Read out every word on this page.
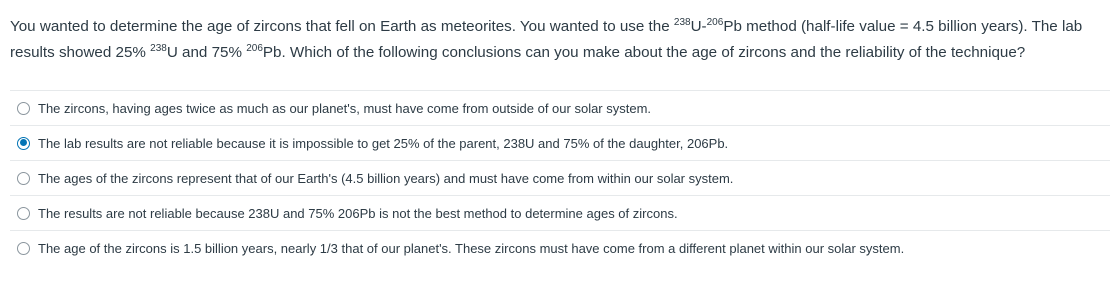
You wanted to determine the age of zircons that fell on Earth as meteorites. You wanted to use the $^{238}$U-$^{206}$Pb method (half-life value = 4.5 billion years). The lab results showed 25% $^{238}$U and 75% $^{206}$Pb. Which of the following conclusions can you make about the age of zircons and the reliability of the technique?
The zircons, having ages twice as much as our planet's, must have come from outside of our solar system.
The lab results are not reliable because it is impossible to get 25% of the parent, 238U and 75% of the daughter, 206Pb.
The ages of the zircons represent that of our Earth's (4.5 billion years) and must have come from within our solar system.
The results are not reliable because 238U and 75% 206Pb is not the best method to determine ages of zircons.
The age of the zircons is 1.5 billion years, nearly 1/3 that of our planet's. These zircons must have come from a different planet within our solar system.
